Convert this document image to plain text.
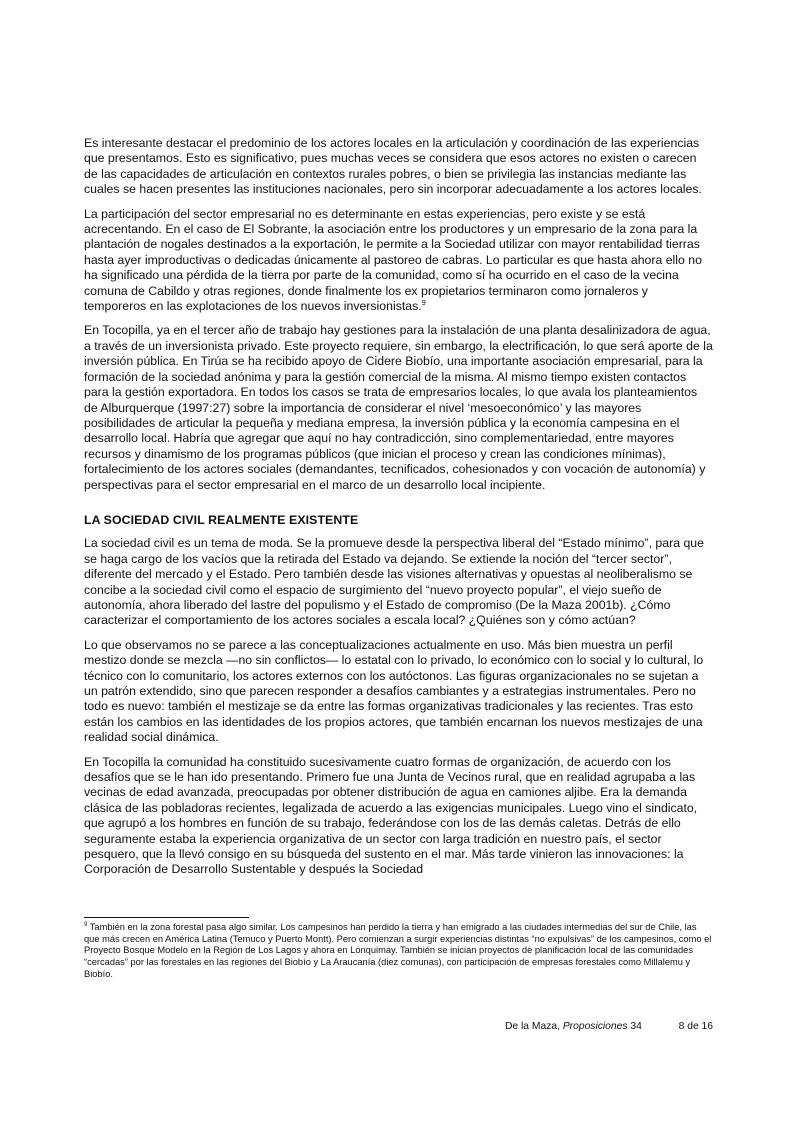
Es interesante destacar el predominio de los actores locales en la articulación y coordinación de las experiencias que presentamos. Esto es significativo, pues muchas veces se considera que esos actores no existen o carecen de las capacidades de articulación en contextos rurales pobres, o bien se privilegia las instancias mediante las cuales se hacen presentes las instituciones nacionales, pero sin incorporar adecuadamente a los actores locales.

La participación del sector empresarial no es determinante en estas experiencias, pero existe y se está acrecentando. En el caso de El Sobrante, la asociación entre los productores y un empresario de la zona para la plantación de nogales destinados a la exportación, le permite a la Sociedad utilizar con mayor rentabilidad tierras hasta ayer improductivas o dedicadas únicamente al pastoreo de cabras. Lo particular es que hasta ahora ello no ha significado una pérdida de la tierra por parte de la comunidad, como sí ha ocurrido en el caso de la vecina comuna de Cabildo y otras regiones, donde finalmente los ex propietarios terminaron como jornaleros y temporeros en las explotaciones de los nuevos inversionistas.$^9$

En Tocopilla, ya en el tercer año de trabajo hay gestiones para la instalación de una planta desalinizadora de agua, a través de un inversionista privado. Este proyecto requiere, sin embargo, la electrificación, lo que será aporte de la inversión pública. En Tirúa se ha recibido apoyo de Cidere Biobío, una importante asociación empresarial, para la formación de la sociedad anónima y para la gestión comercial de la misma. Al mismo tiempo existen contactos para la gestión exportadora. En todos los casos se trata de empresarios locales, lo que avala los planteamientos de Alburquerque (1997:27) sobre la importancia de considerar el nivel ‘mesoeconómico’ y las mayores posibilidades de articular la pequeña y mediana empresa, la inversión pública y la economía campesina en el desarrollo local. Habría que agregar que aquí no hay contradicción, sino complementariedad, entre mayores recursos y dinamismo de los programas públicos (que inician el proceso y crean las condiciones mínimas), fortalecimiento de los actores sociales (demandantes, tecnificados, cohesionados y con vocación de autonomía) y perspectivas para el sector empresarial en el marco de un desarrollo local incipiente.

LA SOCIEDAD CIVIL REALMENTE EXISTENTE

La sociedad civil es un tema de moda. Se la promueve desde la perspectiva liberal del “Estado mínimo”, para que se haga cargo de los vacíos que la retirada del Estado va dejando. Se extiende la noción del “tercer sector”, diferente del mercado y el Estado. Pero también desde las visiones alternativas y opuestas al neoliberalismo se concibe a la sociedad civil como el espacio de surgimiento del “nuevo proyecto popular”, el viejo sueño de autonomía, ahora liberado del lastre del populismo y el Estado de compromiso (De la Maza 2001b). ¿Cómo caracterizar el comportamiento de los actores sociales a escala local? ¿Quiénes son y cómo actúan?

Lo que observamos no se parece a las conceptualizaciones actualmente en uso. Más bien muestra un perfil mestizo donde se mezcla —no sin conflictos— lo estatal con lo privado, lo económico con lo social y lo cultural, lo técnico con lo comunitario, los actores externos con los autóctonos. Las figuras organizacionales no se sujetan a un patrón extendido, sino que parecen responder a desafíos cambiantes y a estrategias instrumentales. Pero no todo es nuevo: también el mestizaje se da entre las formas organizativas tradicionales y las recientes. Tras esto están los cambios en las identidades de los propios actores, que también encarnan los nuevos mestizajes de una realidad social dinámica.

En Tocopilla la comunidad ha constituido sucesivamente cuatro formas de organización, de acuerdo con los desafíos que se le han ido presentando. Primero fue una Junta de Vecinos rural, que en realidad agrupaba a las vecinas de edad avanzada, preocupadas por obtener distribución de agua en camiones aljibe. Era la demanda clásica de las pobladoras recientes, legalizada de acuerdo a las exigencias municipales. Luego vino el sindicato, que agrupó a los hombres en función de su trabajo, federándose con los de las demás caletas. Detrás de ello seguramente estaba la experiencia organizativa de un sector con larga tradición en nuestro país, el sector pesquero, que la llevó consigo en su búsqueda del sustento en el mar. Más tarde vinieron las innovaciones: la Corporación de Desarrollo Sustentable y después la Sociedad

$^9$ También en la zona forestal pasa algo similar. Los campesinos han perdido la tierra y han emigrado a las ciudades intermedias del sur de Chile, las que más crecen en América Latina (Temuco y Puerto Montt). Pero comienzan a surgir experiencias distintas “no expulsivas” de los campesinos, como el Proyecto Bosque Modelo en la Región de Los Lagos y ahora en Lonquimay. También se inician proyectos de planificación local de las comunidades “cercadas” por las forestales en las regiones del Biobío y La Araucanía (diez comunas), con participación de empresas forestales como Millalemu y Biobío.

De la Maza, Proposiciones 34	8 de 16
